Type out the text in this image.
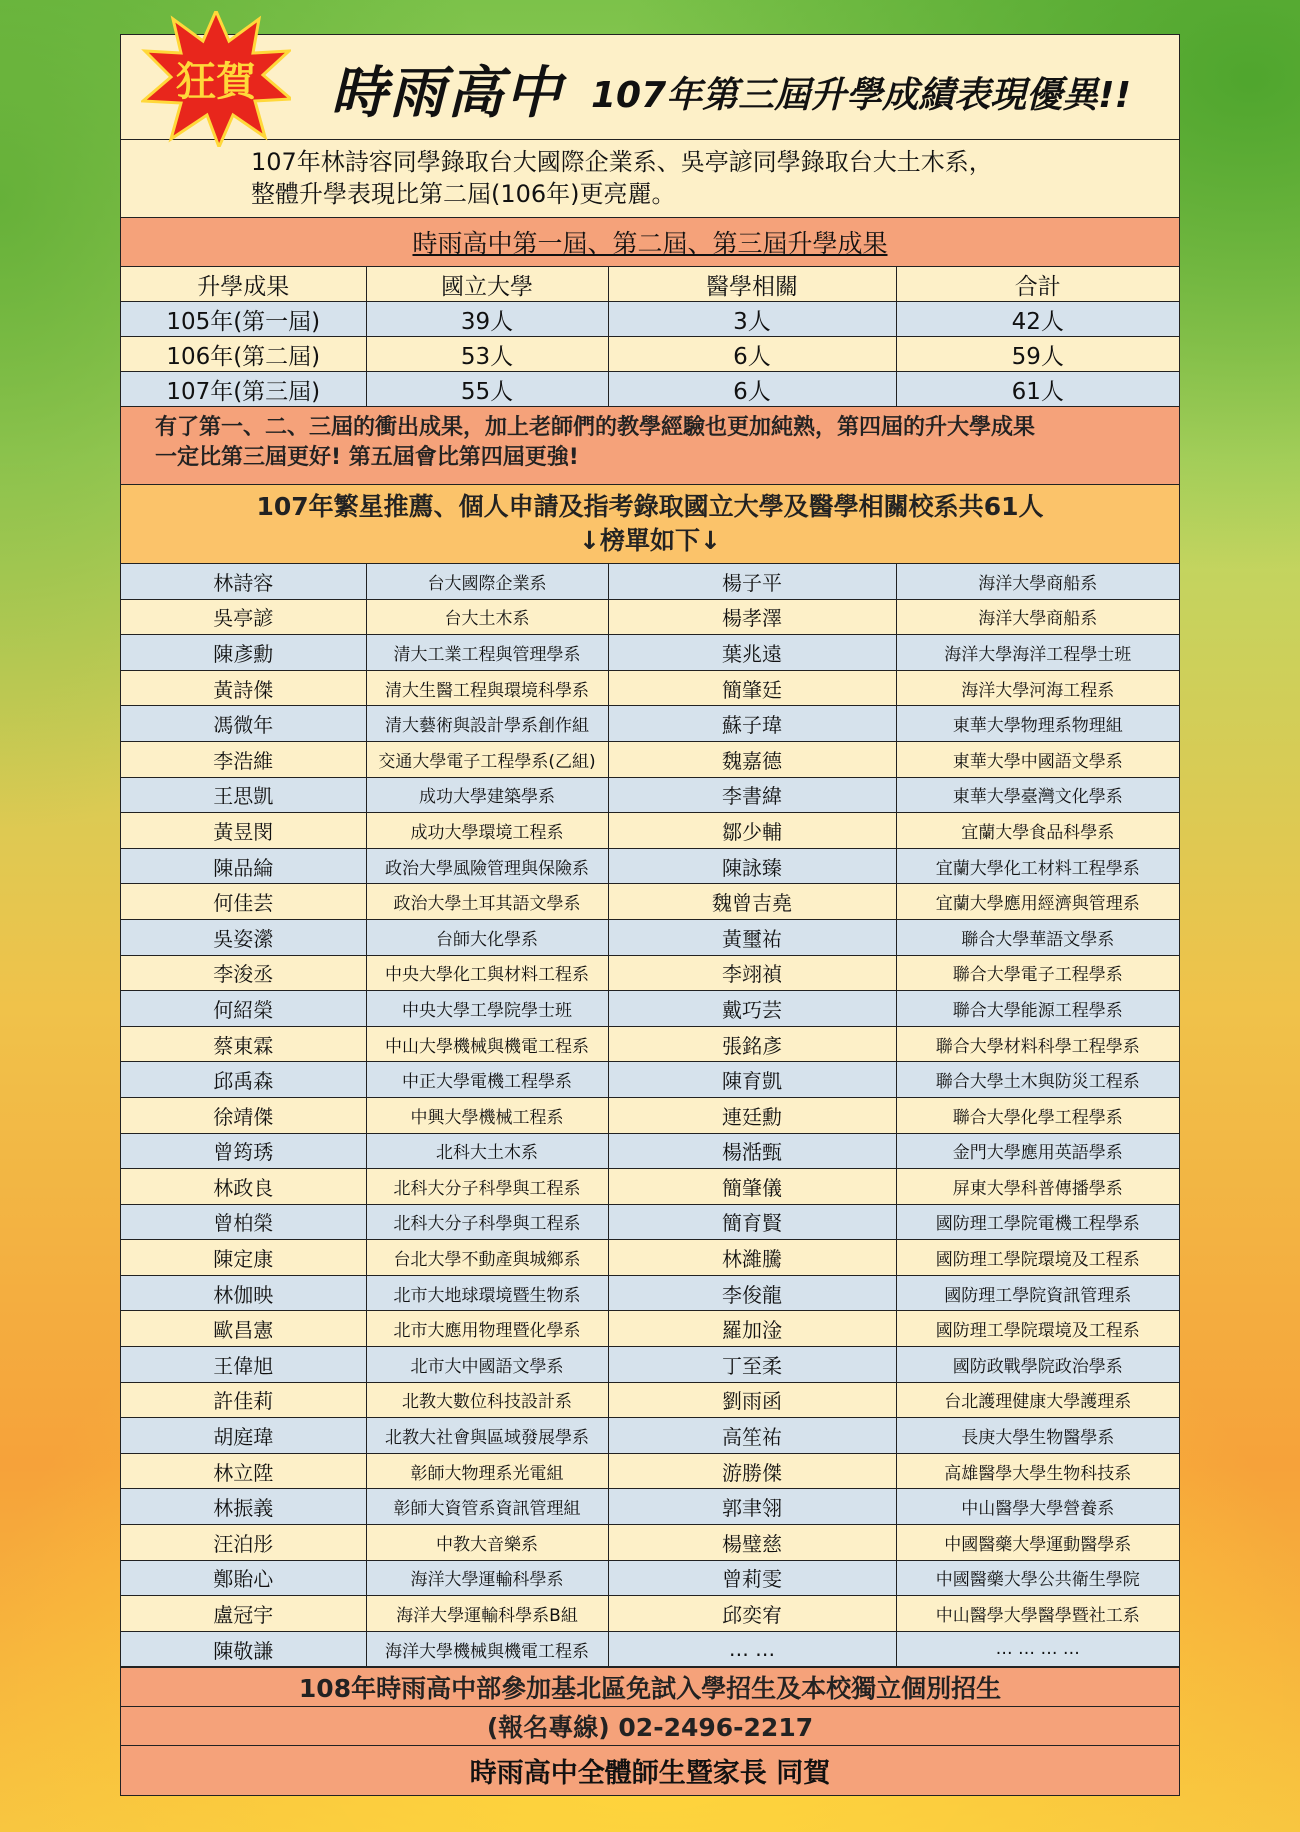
狂賀 時雨高中 107年第三屆升學成績表現優異!!
107年林詩容同學錄取台大國際企業系、吳亭諺同學錄取台大土木系，
整體升學表現比第二屆(106年)更亮麗。
時雨高中第一屆、第二屆、第三屆升學成果
升學成果	國立大學	醫學相關	合計
105年(第一屆)	39人	3人	42人
106年(第二屆)	53人	6人	59人
107年(第三屆)	55人	6人	61人
有了第一、二、三屆的衝出成果，加上老師們的教學經驗也更加純熟，第四屆的升大學成果
一定比第三屆更好! 第五屆會比第四屆更強!
107年繁星推薦、個人申請及指考錄取國立大學及醫學相關校系共61人
↓榜單如下↓
林詩容	台大國際企業系	楊子平	海洋大學商船系
吳亭諺	台大土木系	楊孝澤	海洋大學商船系
陳彥勳	清大工業工程與管理學系	葉兆遠	海洋大學海洋工程學士班
黃詩傑	清大生醫工程與環境科學系	簡肇廷	海洋大學河海工程系
馮微年	清大藝術與設計學系創作組	蘇子瑋	東華大學物理系物理組
李浩維	交通大學電子工程學系(乙組)	魏嘉德	東華大學中國語文學系
王思凱	成功大學建築學系	李書緯	東華大學臺灣文化學系
黃昱閔	成功大學環境工程系	鄒少輔	宜蘭大學食品科學系
陳品綸	政治大學風險管理與保險系	陳詠臻	宜蘭大學化工材料工程學系
何佳芸	政治大學土耳其語文學系	魏曾吉堯	宜蘭大學應用經濟與管理系
吳姿瀠	台師大化學系	黃璽祐	聯合大學華語文學系
李浚丞	中央大學化工與材料工程系	李翊禎	聯合大學電子工程學系
何紹榮	中央大學工學院學士班	戴巧芸	聯合大學能源工程學系
蔡東霖	中山大學機械與機電工程系	張銘彥	聯合大學材料科學工程學系
邱禹森	中正大學電機工程學系	陳育凱	聯合大學土木與防災工程系
徐靖傑	中興大學機械工程系	連廷勳	聯合大學化學工程學系
曾筠琇	北科大土木系	楊湉甄	金門大學應用英語學系
林政良	北科大分子科學與工程系	簡肇儀	屏東大學科普傳播學系
曾柏榮	北科大分子科學與工程系	簡育賢	國防理工學院電機工程學系
陳定康	台北大學不動產與城鄉系	林濰騰	國防理工學院環境及工程系
林伽映	北市大地球環境暨生物系	李俊龍	國防理工學院資訊管理系
歐昌憲	北市大應用物理暨化學系	羅加淦	國防理工學院環境及工程系
王偉旭	北市大中國語文學系	丁至柔	國防政戰學院政治學系
許佳莉	北教大數位科技設計系	劉雨函	台北護理健康大學護理系
胡庭瑋	北教大社會與區域發展學系	高笙祐	長庚大學生物醫學系
林立陞	彰師大物理系光電組	游勝傑	高雄醫學大學生物科技系
林振義	彰師大資管系資訊管理組	郭聿翎	中山醫學大學營養系
汪泊彤	中教大音樂系	楊璧慈	中國醫藥大學運動醫學系
鄭貽心	海洋大學運輸科學系	曾莉雯	中國醫藥大學公共衛生學院
盧冠宇	海洋大學運輸科學系B組	邱奕宥	中山醫學大學醫學暨社工系
陳敬謙	海洋大學機械與機電工程系	… …	… … … …
108年時雨高中部參加基北區免試入學招生及本校獨立個別招生
(報名專線) 02-2496-2217
時雨高中全體師生暨家長 同賀
